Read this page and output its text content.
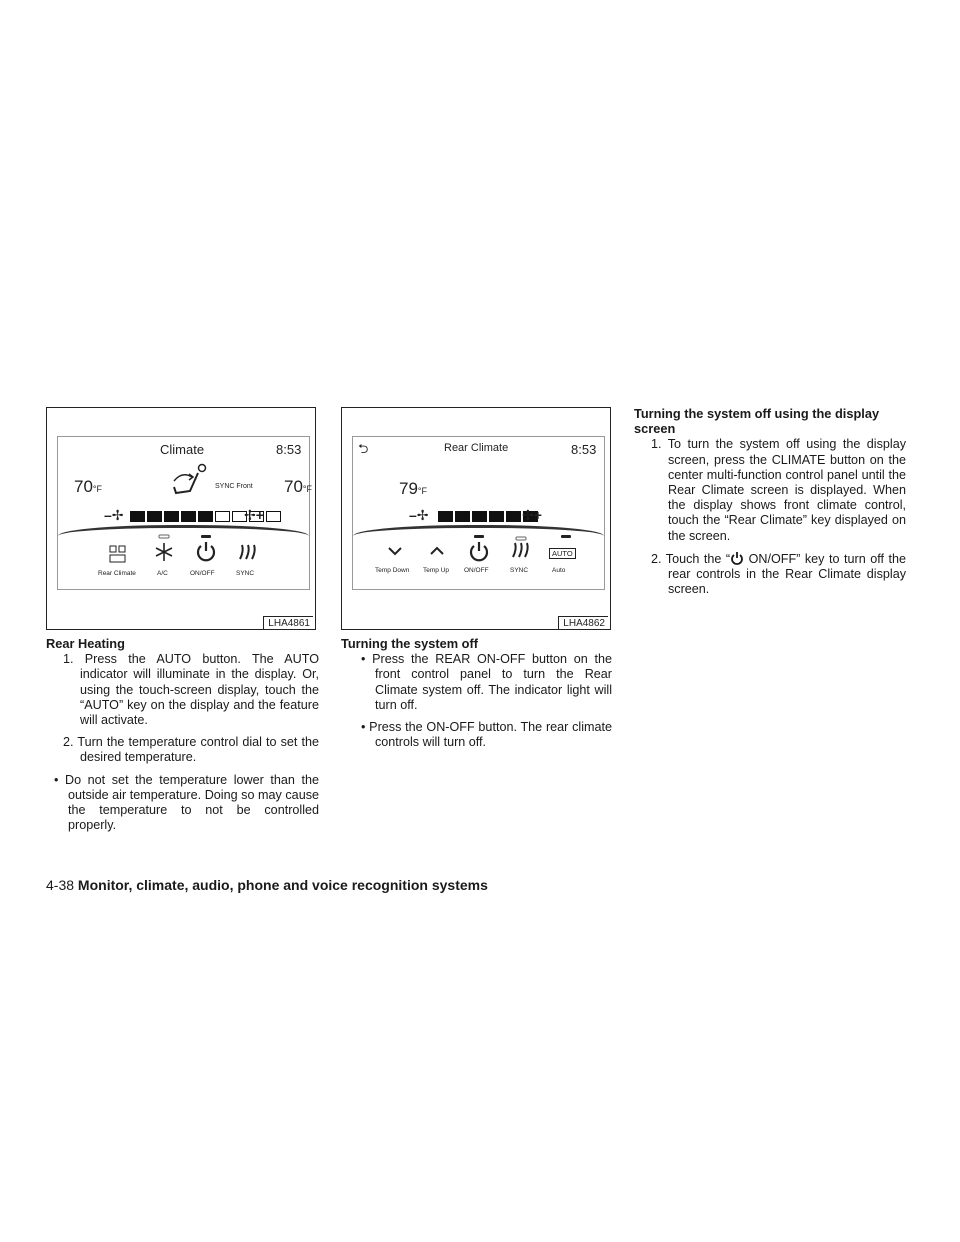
Climate	8:53
70°F	70°F
SYNC Front
–✢	✢+
Rear Climate	A/C	ON/OFF	SYNC
LHA4861
⮌	Rear Climate	8:53
79°F
–✢	✢+
AUTO
Temp Down Temp Up ON/OFF	SYNC	Auto
LHA4862
Rear Heating

1. Press the AUTO button. The AUTO indicator will illuminate in the display. Or, using the touch-screen display, touch the “AUTO” key on the display and the feature will activate.

2. Turn the temperature control dial to set the desired temperature.

• Do not set the temperature lower than the outside air temperature. Doing so may cause the temperature to not be controlled properly.

Turning the system off

• Press the REAR ON-OFF button on the front control panel to turn the Rear Climate system off. The indicator light will turn off.

• Press the ON-OFF button. The rear climate controls will turn off.

Turning the system off using the display screen

1. To turn the system off using the display screen, press the CLIMATE button on the center multi-function control panel until the Rear Climate screen is displayed. When the display shows front climate control, touch the “Rear Climate” key displayed on the screen.

2. Touch the “ ON/OFF” key to turn off the rear controls in the Rear Climate display screen.

4-38 Monitor, climate, audio, phone and voice recognition systems
